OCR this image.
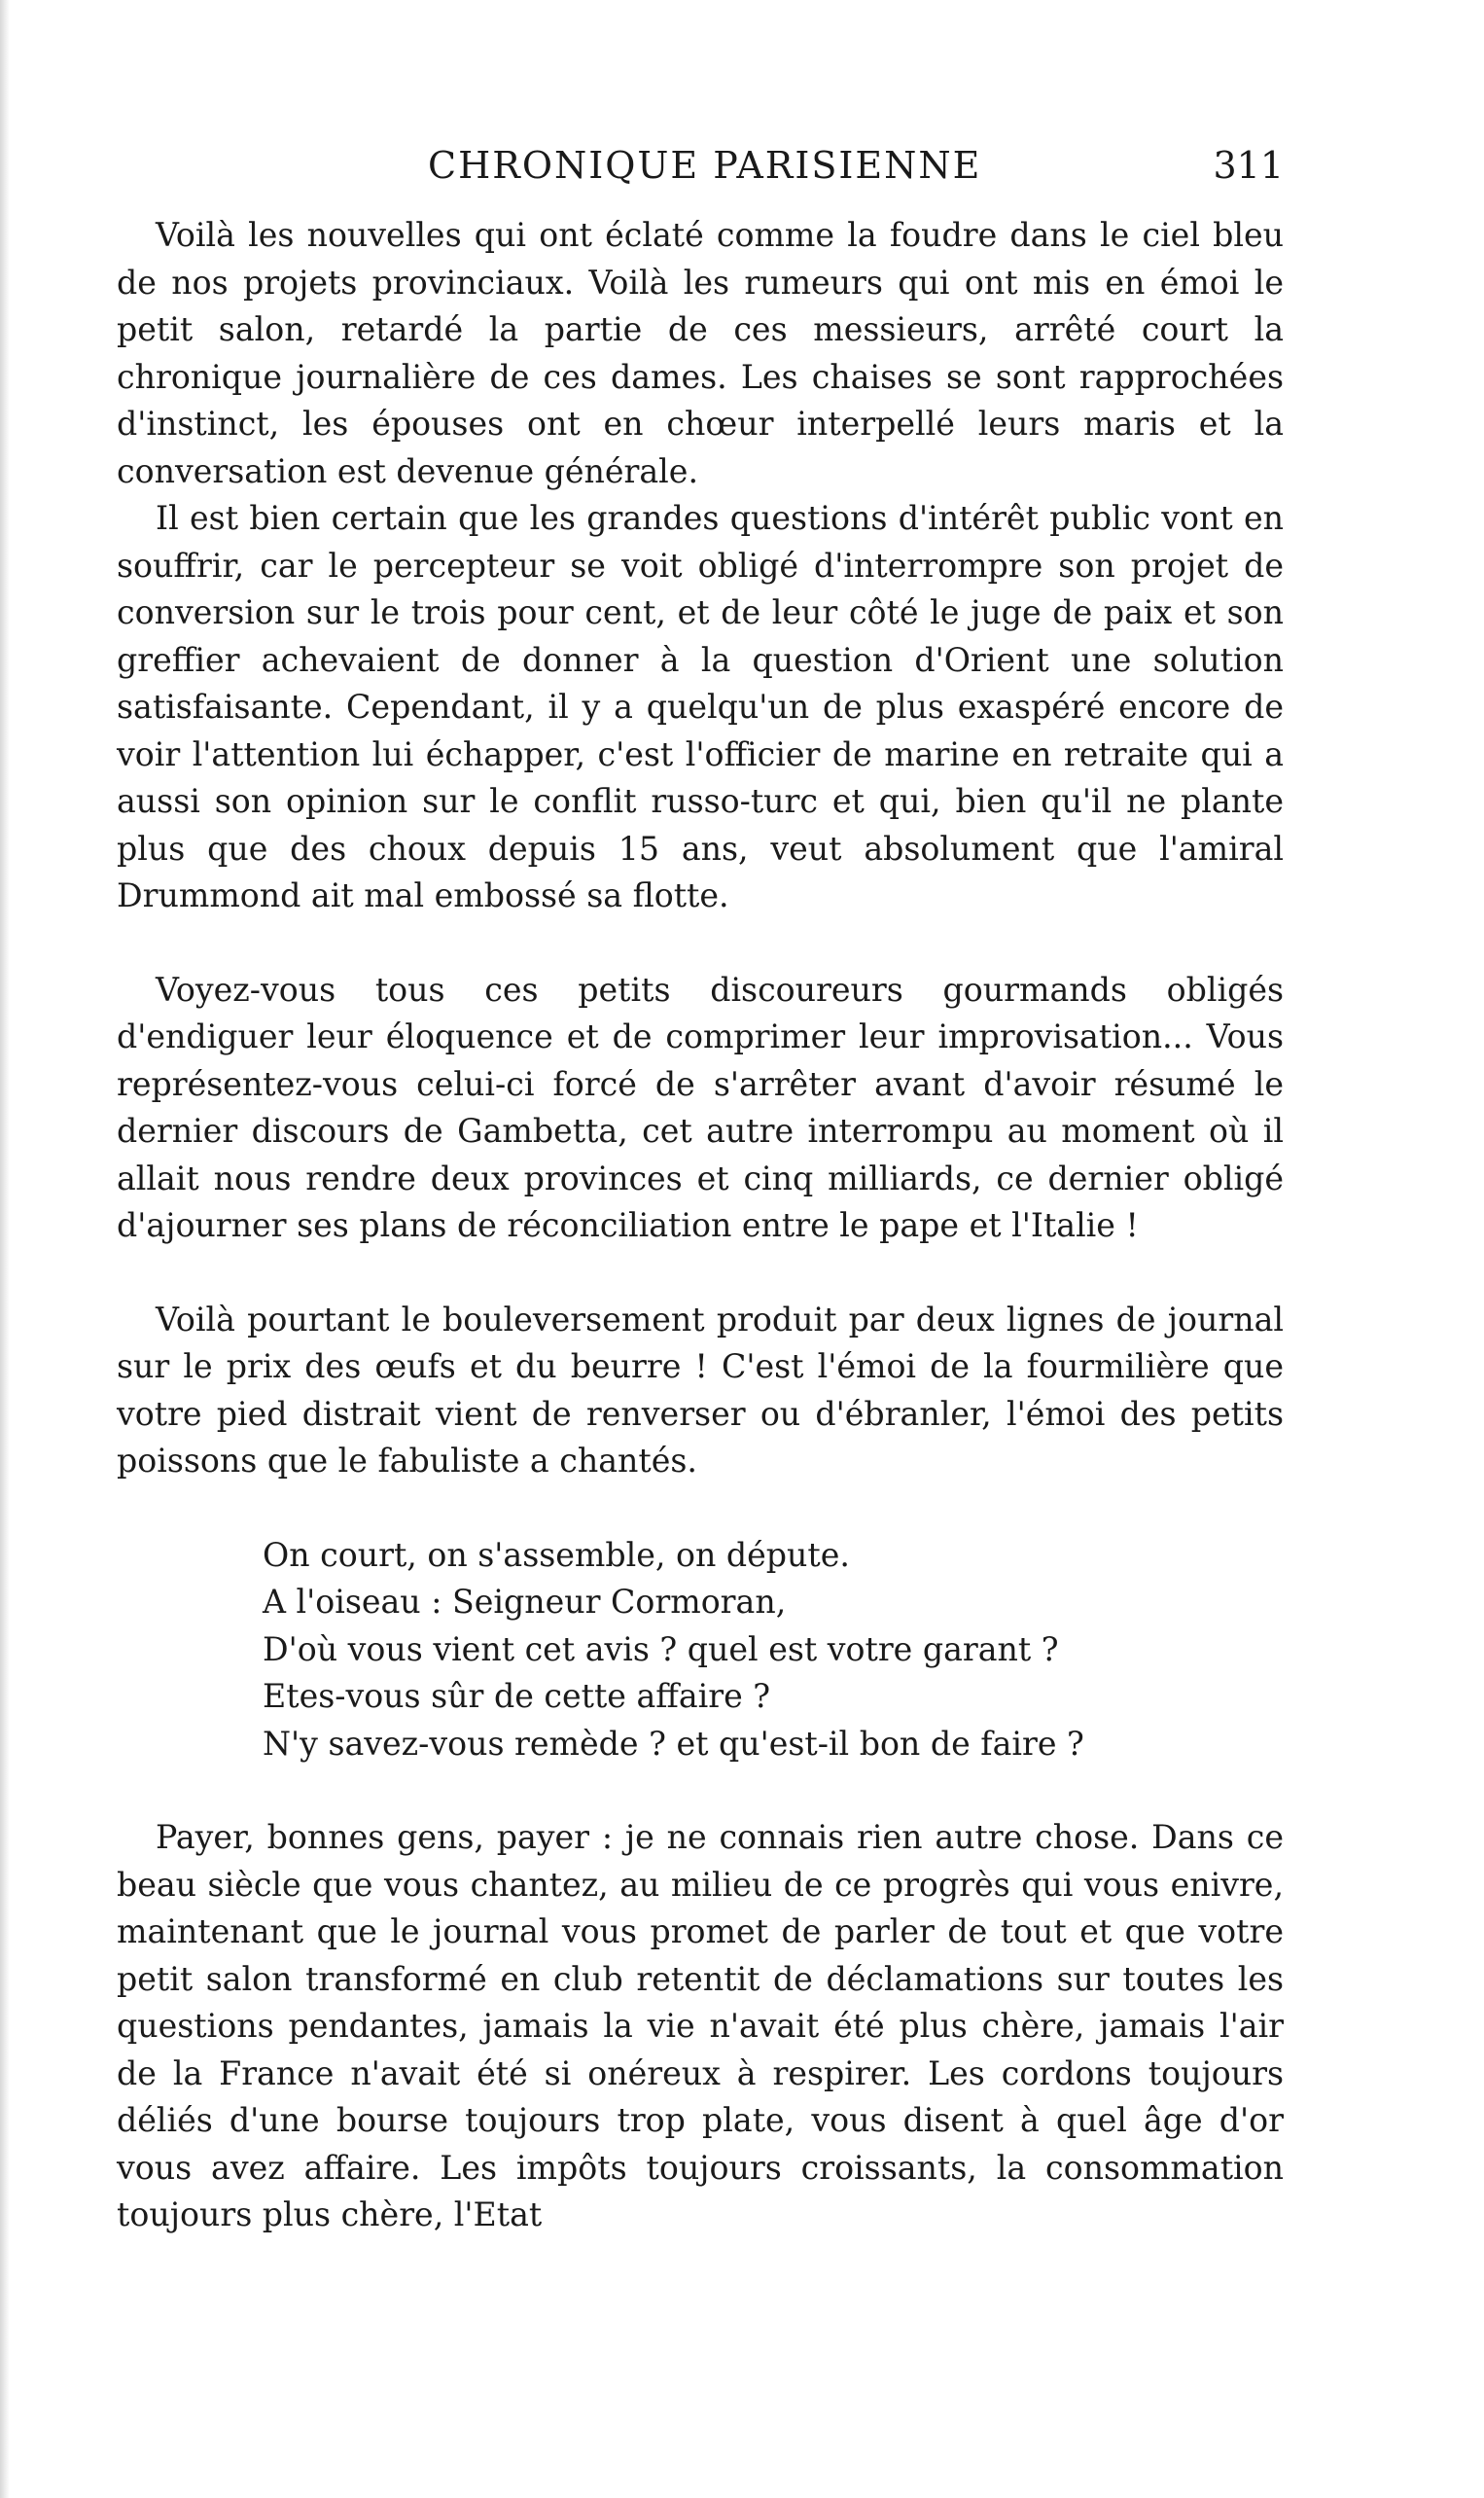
CHRONIQUE PARISIENNE	311

Voilà les nouvelles qui ont éclaté comme la foudre dans le ciel bleu de nos projets provinciaux. Voilà les rumeurs qui ont mis en émoi le petit salon, retardé la partie de ces messieurs, arrêté court la chronique journalière de ces dames. Les chaises se sont rapprochées d'instinct, les épouses ont en chœur interpellé leurs maris et la conversation est devenue générale.

Il est bien certain que les grandes questions d'intérêt public vont en souffrir, car le percepteur se voit obligé d'interrompre son projet de conversion sur le trois pour cent, et de leur côté le juge de paix et son greffier achevaient de donner à la question d'Orient une solution satisfaisante. Cependant, il y a quelqu'un de plus exaspéré encore de voir l'attention lui échapper, c'est l'officier de marine en retraite qui a aussi son opinion sur le conflit russo-turc et qui, bien qu'il ne plante plus que des choux depuis 15 ans, veut absolument que l'amiral Drummond ait mal embossé sa flotte.

Voyez-vous tous ces petits discoureurs gourmands obligés d'endiguer leur éloquence et de comprimer leur improvisation... Vous représentez-vous celui-ci forcé de s'arrêter avant d'avoir résumé le dernier discours de Gambetta, cet autre interrompu au moment où il allait nous rendre deux provinces et cinq milliards, ce dernier obligé d'ajourner ses plans de réconciliation entre le pape et l'Italie !

Voilà pourtant le bouleversement produit par deux lignes de journal sur le prix des œufs et du beurre ! C'est l'émoi de la fourmilière que votre pied distrait vient de renverser ou d'ébranler, l'émoi des petits poissons que le fabuliste a chantés.

On court, on s'assemble, on députe.
A l'oiseau : Seigneur Cormoran,
D'où vous vient cet avis ? quel est votre garant ?
Etes-vous sûr de cette affaire ?
N'y savez-vous remède ? et qu'est-il bon de faire ?

Payer, bonnes gens, payer : je ne connais rien autre chose. Dans ce beau siècle que vous chantez, au milieu de ce progrès qui vous enivre, maintenant que le journal vous promet de parler de tout et que votre petit salon transformé en club retentit de déclamations sur toutes les questions pendantes, jamais la vie n'avait été plus chère, jamais l'air de la France n'avait été si onéreux à respirer. Les cordons toujours déliés d'une bourse toujours trop plate, vous disent à quel âge d'or vous avez affaire. Les impôts toujours croissants, la consommation toujours plus chère, l'Etat
